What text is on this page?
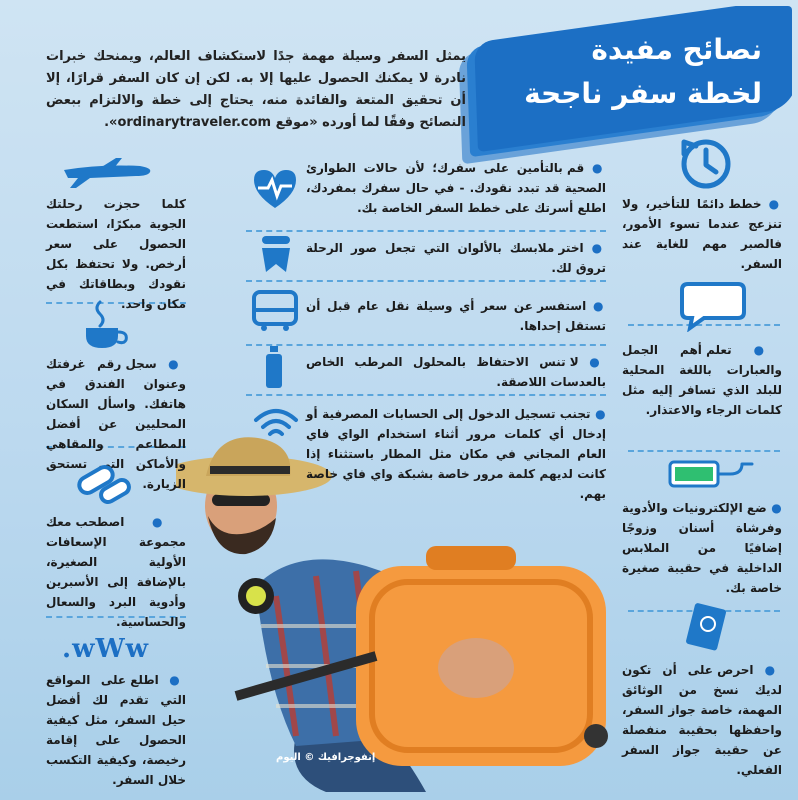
نصائح مفيدة
لخطة سفر ناجحة
يمثل السفر وسيلة مهمة جدًا لاستكشاف العالم، ويمنحك خبرات نادرة لا يمكنك الحصول عليها إلا به. لكن إن كان السفر قرارًا، إلا أن تحقيق المتعة والفائدة منه، يحتاج إلى خطة والالتزام ببعض النصائح وفقًا لما أورده «موقع ordinarytraveler.com».
● خطط دائمًا للتأخير، ولا تنزعج عندما تسوء الأمور، فالصبر مهم للغاية عند السفر.
● تعلم أهم الجمل والعبارات باللغة المحلية للبلد الذي تسافر إليه مثل كلمات الرجاء والاعتذار.
● ضع الإلكترونيات والأدوية وفرشاة أسنان وزوجًا إضافيًا من الملابس الداخلية في حقيبة صغيرة خاصة بك.
● احرص على أن تكون لديك نسخ من الوثائق المهمة، خاصة جواز السفر، واحفظها بحقيبة منفصلة عن حقيبة جواز السفر الفعلي.
● قم بالتأمين على سفرك؛ لأن حالات الطوارئ الصحية قد تبدد نقودك. - في حال سفرك بمفردك، اطلع أسرتك على خطط السفر الخاصة بك.
● اختر ملابسك بالألوان التي تجعل صور الرحلة تروق لك.
● استفسر عن سعر أي وسيلة نقل عام قبل أن تستقل إحداها.
● لا تنس الاحتفاظ بالمحلول المرطب الخاص بالعدسات اللاصقة.
● تجنب تسجيل الدخول إلى الحسابات المصرفية أو إدخال أي كلمات مرور أثناء استخدام الواي فاي العام المجاني في مكان مثل المطار باستثناء إذا كانت لديهم كلمة مرور خاصة بشبكة واي فاي خاصة بهم.
كلما حجزت رحلتك الجوية مبكرًا، استطعت الحصول على سعر أرخص. ولا تحتفظ بكل نقودك وبطاقاتك في مكان واحد.
● سجل رقم غرفتك وعنوان الفندق في هاتفك. واسأل السكان المحليين عن أفضل المطاعم والمقاهي والأماكن التي تستحق الزيارة.
● اصطحب معك مجموعة الإسعافات الأولية الصغيرة، بالإضافة إلى الأسبرين وأدوية البرد والسعال والحساسية.
wWw.
● اطلع على المواقع التي تقدم لك أفضل حيل السفر، مثل كيفية الحصول على إقامة رخيصة، وكيفية التكسب خلال السفر.
إنفوجرافيك © اليوم
